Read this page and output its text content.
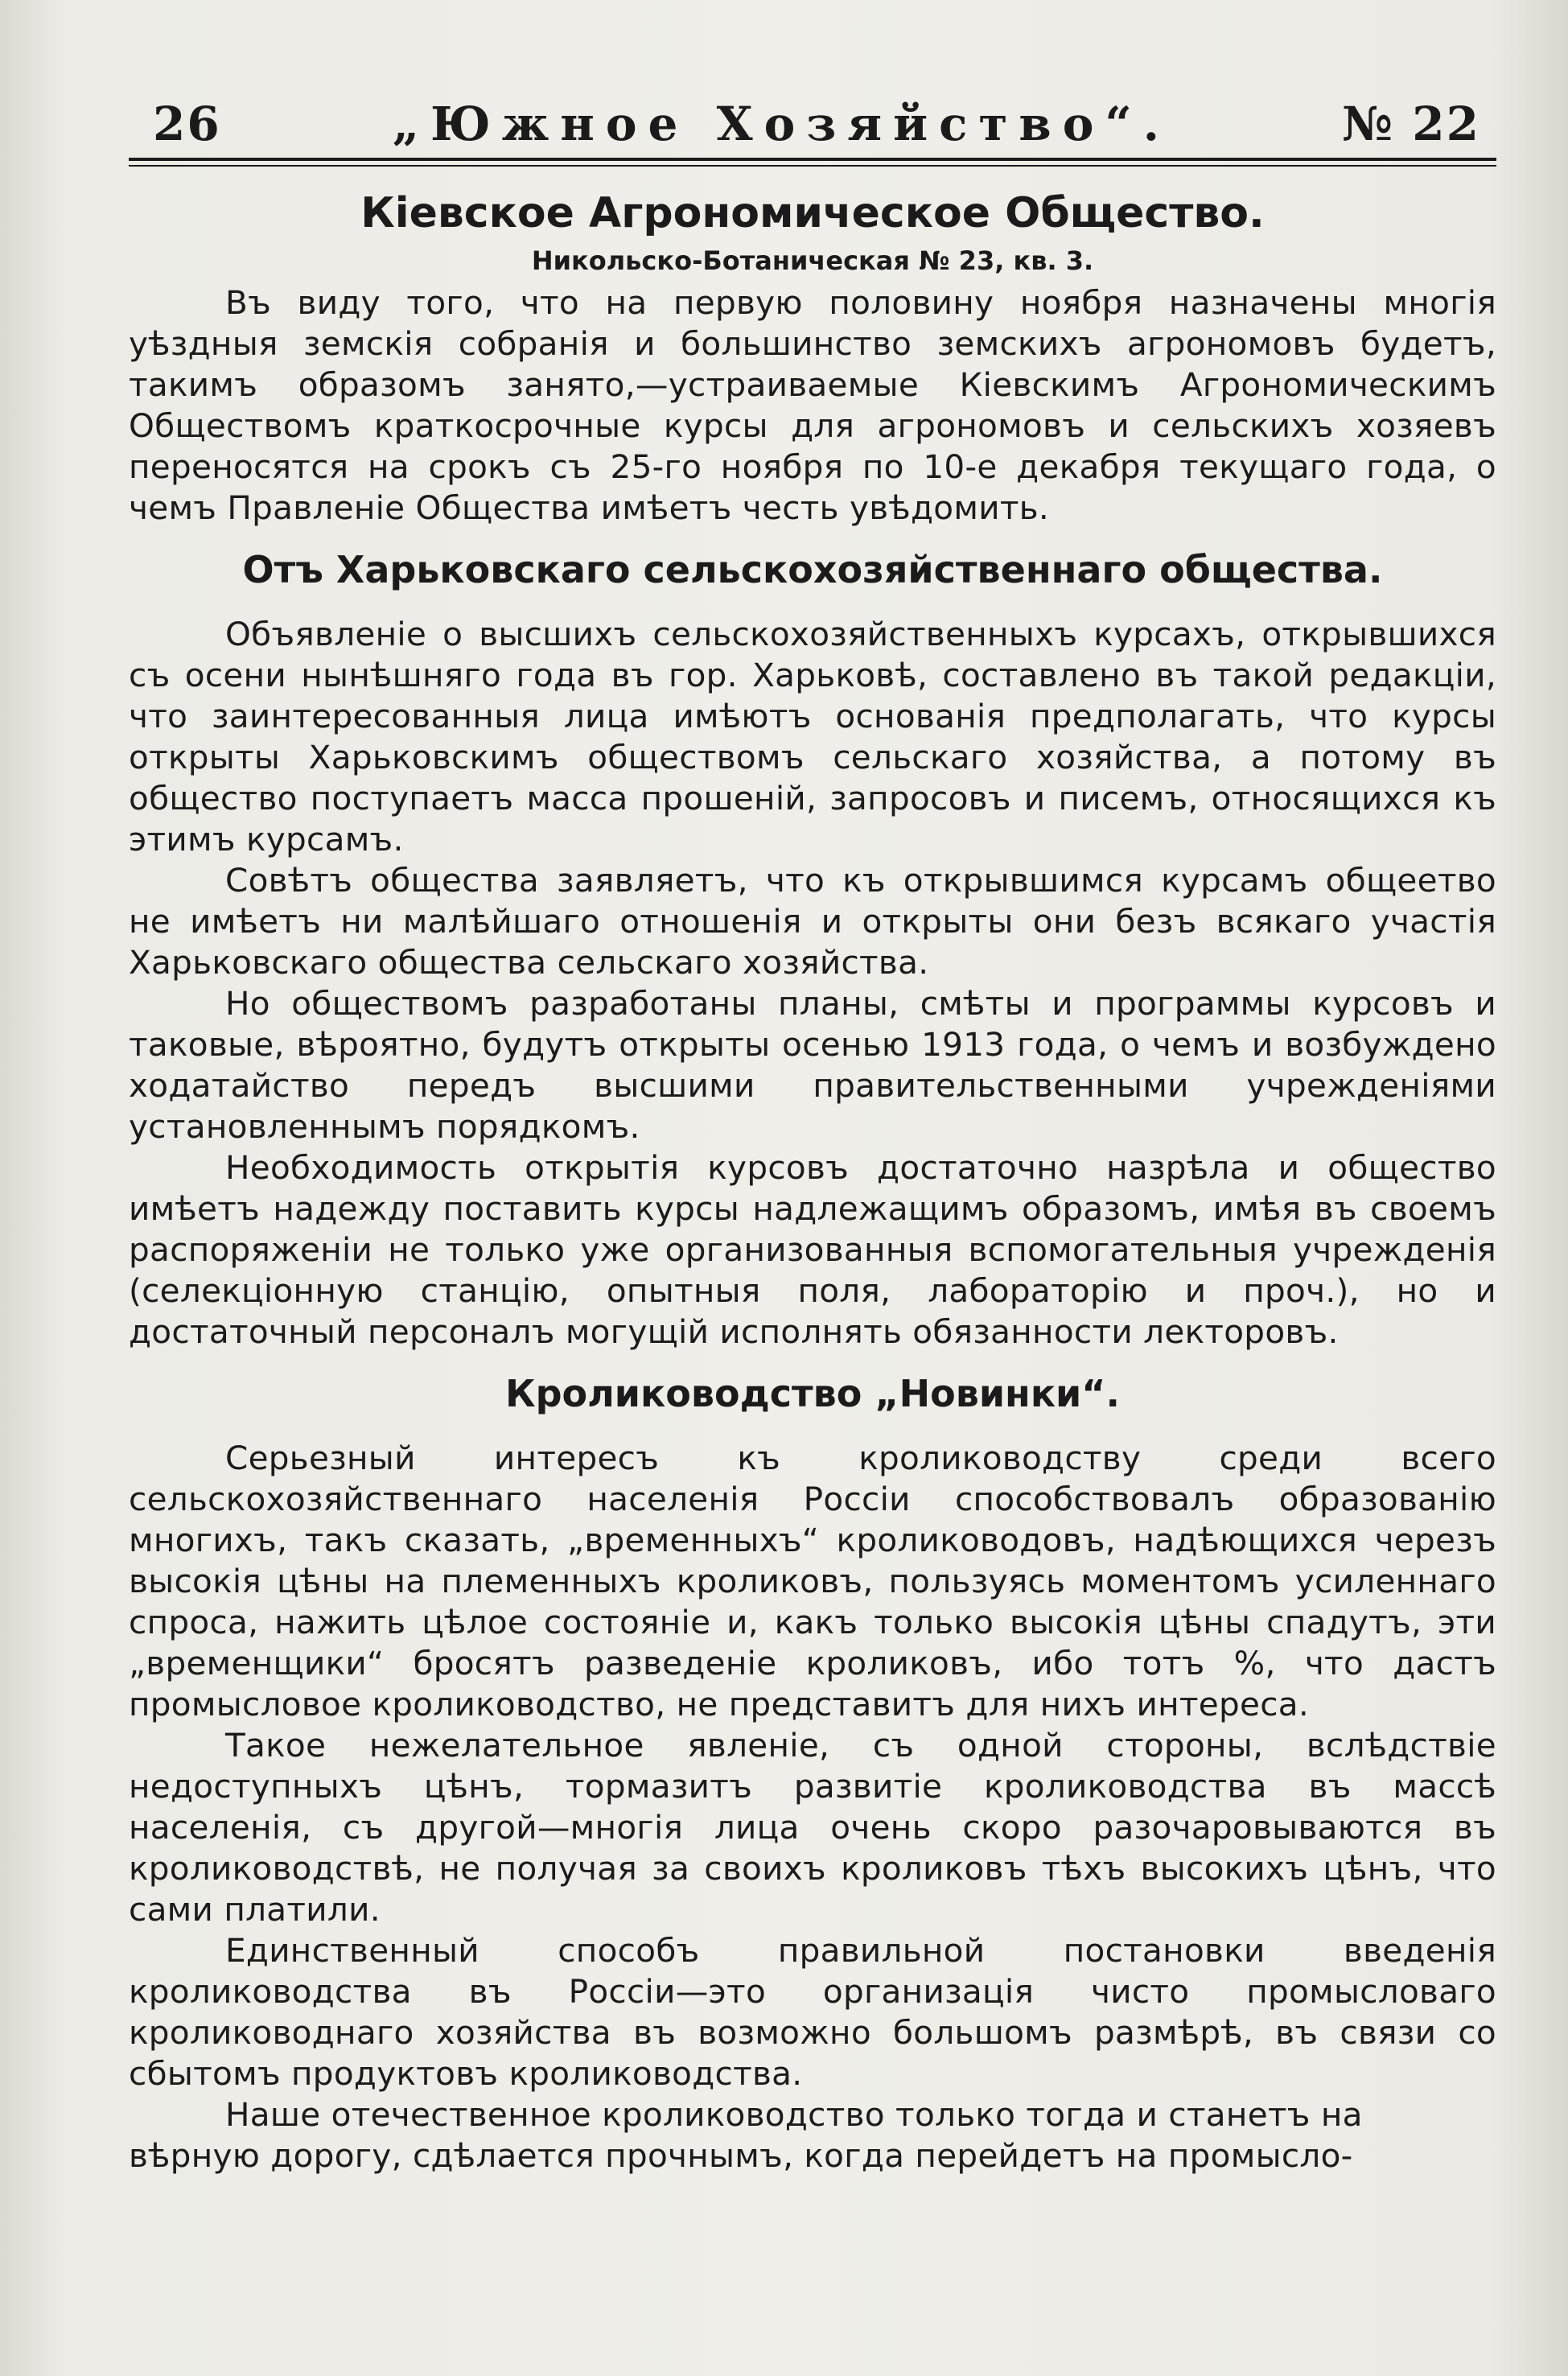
26	„Южное Хозяйство“.	№ 22
Кіевское Агрономическое Общество.
Никольско-Ботаническая № 23, кв. 3.

Въ виду того, что на первую половину ноября назначены многія уѣздныя земскія собранія и большинство земскихъ агрономовъ будетъ, такимъ образомъ занято,—устраиваемые Кіевскимъ Агрономическимъ Обществомъ краткосрочные курсы для агрономовъ и сельскихъ хозяевъ переносятся на срокъ съ 25-го ноября по 10-е декабря текущаго года, о чемъ Правленіе Общества имѣетъ честь увѣдомить.

Отъ Харьковскаго сельскохозяйственнаго общества.

Объявленіе о высшихъ сельскохозяйственныхъ курсахъ, открывшихся съ осени нынѣшняго года въ гор. Харьковѣ, составлено въ такой редакціи, что заинтересованныя лица имѣютъ основанія предполагать, что курсы открыты Харьковскимъ обществомъ сельскаго хозяйства, а потому въ общество поступаетъ масса прошеній, запросовъ и писемъ, относящихся къ этимъ курсамъ.

Совѣтъ общества заявляетъ, что къ открывшимся курсамъ общеетво не имѣетъ ни малѣйшаго отношенія и открыты они безъ всякаго участія Харьковскаго общества сельскаго хозяйства.

Но обществомъ разработаны планы, смѣты и программы курсовъ и таковые, вѣроятно, будутъ открыты осенью 1913 года, о чемъ и возбуждено ходатайство передъ высшими правительственными учрежденіями установленнымъ порядкомъ.

Необходимость открытія курсовъ достаточно назрѣла и общество имѣетъ надежду поставить курсы надлежащимъ образомъ, имѣя въ своемъ распоряженіи не только уже организованныя вспомогательныя учрежденія (селекціонную станцію, опытныя поля, лабораторію и проч.), но и достаточный персоналъ могущій исполнять обязанности лекторовъ.

Кролиководство „Новинки“.

Серьезный интересъ къ кролиководству среди всего сельскохозяйственнаго населенія Россіи способствовалъ образованію многихъ, такъ сказать, „временныхъ“ кролиководовъ, надѣющихся черезъ высокія цѣны на племенныхъ кроликовъ, пользуясь моментомъ усиленнаго спроса, нажить цѣлое состояніе и, какъ только высокія цѣны спадутъ, эти „временщики“ бросятъ разведеніе кроликовъ, ибо тотъ %, что дастъ промысловое кролиководство, не представитъ для нихъ интереса.

Такое нежелательное явленіе, съ одной стороны, вслѣдствіе недоступныхъ цѣнъ, тормазитъ развитіе кролиководства въ массѣ населенія, съ другой—многія лица очень скоро разочаровываются въ кролиководствѣ, не получая за своихъ кроликовъ тѣхъ высокихъ цѣнъ, что сами платили.

Единственный способъ правильной постановки введенія кролиководства въ Россіи—это организація чисто промысловаго кролиководнаго хозяйства въ возможно большомъ размѣрѣ, въ связи со сбытомъ продуктовъ кролиководства.

Наше отечественное кролиководство только тогда и станетъ на вѣрную дорогу, сдѣлается прочнымъ, когда перейдетъ на промысло-
